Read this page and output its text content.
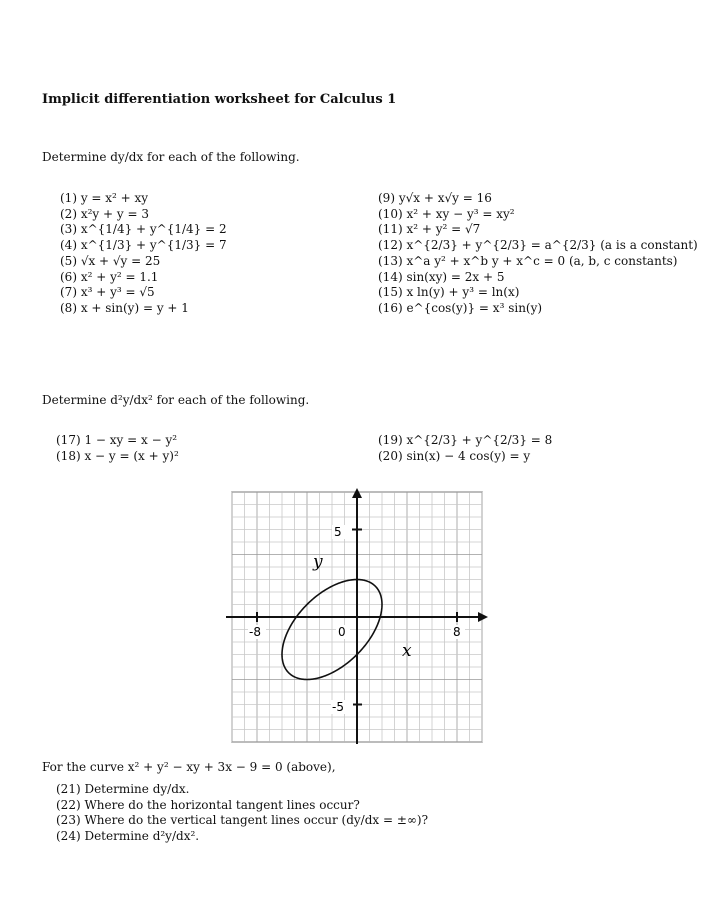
Implicit differentiation worksheet for Calculus 1
Determine dy/dx for each of the following.
(1) y = x² + xy
(2) x²y + y = 3
(3) x^{1/4} + y^{1/4} = 2
(4) x^{1/3} + y^{1/3} = 7
(5) √x + √y = 25
(6) x² + y² = 1.1
(7) x³ + y³ = √5
(8) x + sin(y) = y + 1
(9) y√x + x√y = 16
(10) x² + xy − y³ = xy²
(11) x² + y² = √7
(12) x^{2/3} + y^{2/3} = a^{2/3} (a is a constant)
(13) x^a y² + x^b y + x^c = 0 (a, b, c constants)
(14) sin(xy) = 2x + 5
(15) x ln(y) + y³ = ln(x)
(16) e^{cos(y)} = x³ sin(y)
Determine d²y/dx² for each of the following.
(17) 1 − xy = x − y²
(18) x − y = (x + y)²
(19) x^{2/3} + y^{2/3} = 8
(20) sin(x) − 4 cos(y) = y
5
-5
-8	0	8
y
x
For the curve x² + y² − xy + 3x − 9 = 0 (above),
(21) Determine dy/dx.
(22) Where do the horizontal tangent lines occur?
(23) Where do the vertical tangent lines occur (dy/dx = ±∞)?
(24) Determine d²y/dx².
